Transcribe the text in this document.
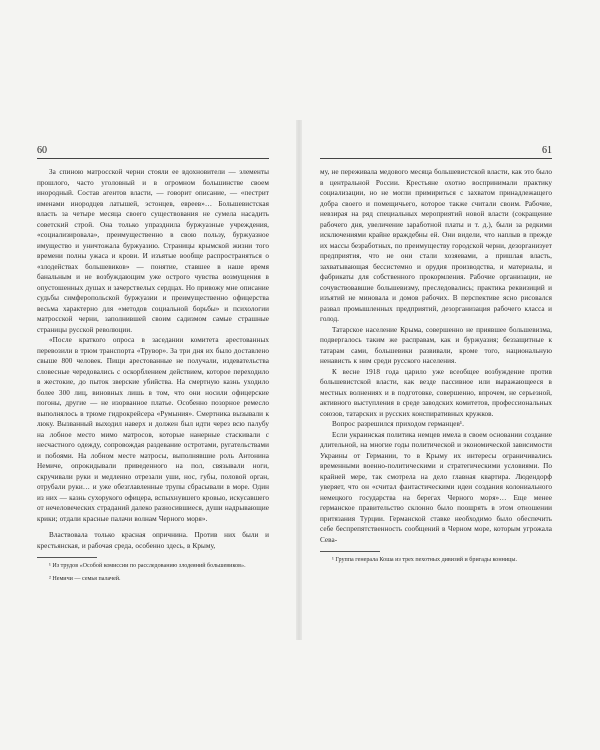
60

За спиною матросской черни стояли ее вдохновители — элементы прошлого, часто уголовный и в огромном большинстве своем инородный. Состав агентов власти, — говорит описание, — «пестрит именами инородцев латышей, эстонцев, евреев»… Большевистская власть за четыре месяца своего существования не сумела насадить советский строй. Она только упразднила буржуазные учреждения, «социализировала», преимущественно в свою пользу, буржуазное имущество и уничтожала буржуазию. Страницы крымской жизни того времени полны ужаса и крови. И изъятые вообще распространяться о «злодействах большевиков» — понятие, ставшее в наше время банальным и не возбуждающим уже острого чувства возмущения в опустошенных душах и зачерствелых сердцах. Но привожу мне описание судьбы симферопольской буржуазии и преимущественно офицерства весьма характерно для «методов социальной борьбы» и психологии матросской черни, заполнившей своим садизмом самые страшные страницы русской революции.

«После краткого опроса в заседании комитета арестованных перевозили в трюм транспорта «Трувор». За три дня их было доставлено свыше 800 человек. Пищи арестованные не получали, издевательства словесные чередовались с оскорблением действием, которое переходило в жестокие, до пыток зверские убийства. На смертную казнь уходило более 300 лиц, виновных лишь в том, что они носили офицерские погоны, другие — не изорванное платье. Особенно позорное ремесло выполнялось в трюме гидрокрейсера «Румыния». Смертника вызывали к люку. Вызванный выходил наверх и должен был идти через всю палубу на лобное место мимо матросов, которые нанерные стаскивали с несчастного одежду, сопровождая раздевание остротами, ругательствами и побоями. На лобном месте матросы, выполнявшие роль Антонина Немиче, опрокидывали приведенного на пол, связывали ноги, скручивали руки и медленно отрезали уши, нос, губы, половой орган, отрубали руки… и уже обезглавленные трупы сбрасывали в море. Один из них — казнь сухорукого офицера, вспыхнувшего кровью, искусавшего от нечеловеческих страданий далеко разносившиеся, души надрывающие крики; отдали красные палачи волнам Черного моря».

Властвовала только красная опричнина. Против них были и крестьянская, и рабочая среда, особенно здесь, в Крыму,

¹ Из трудов «Особой комиссии по расследованию злодеяний большевиков».

² Немичи — семья палачей.

61

му, не переживала медового месяца большевистской власти, как это было в центральной России. Крестьяне охотно воспринимали практику социализации, но не могли примириться с захватом принадлежащего добра своего и помещичьего, которое также считали своим. Рабочие, невзирая на ряд специальных мероприятий новой власти (сокращение рабочего дня, увеличение заработной платы и т. д.), были за редкими исключениями крайне враждебны ей. Они видели, что наплыв в прежде их массы безработных, по преимуществу городской черни, дезорганизует предприятия, что не они стали хозяевами, а пришлая власть, захватывающая бессистемно и орудия производства, и материалы, и фабрикаты для собственного прокормления. Рабочие организации, не сочувствовавшие большевизму, преследовались; практика реквизиций и изъятий не миновала и домов рабочих. В перспективе ясно рисовался развал промышленных предприятий, дезорганизация рабочего класса и голод.

Татарское население Крыма, совершенно не приявшее большевизма, подвергалось таким же расправам, как и буржуазия; беззащитные к татарам сами, большевики развивали, кроме того, национальную ненависть к ним среди русского населения.

К весне 1918 года царило уже всеобщее возбуждение против большевистской власти, как везде пассивное или выражающееся в местных волнениях и в подготовке, совершенно, впрочем, не серьезной, активного выступления в среде заводских комитетов, профессиональных союзов, татарских и русских конспиративных кружков.

Вопрос разрешился приходом германцев¹.

Если украинская политика немцев имела в своем основании создание длительной, на многие годы политической и экономической зависимости Украины от Германии, то в Крыму их интересы ограничивались временными военно-политическими и стратегическими условиями. По крайней мере, так смотрела на дело главная квартира. Людендорф уверяет, что он «считал фантастическими идеи создания колониального немецкого государства на берегах Черного моря»… Еще менее германское правительство склонно было поощрять в этом отношении притязания Турции. Германской ставке необходимо было обеспечить себе беспрепятственность сообщений в Черном море, которым угрожала Сева-

¹ Группа генерала Коша из трех пехотных дивизий и бригады конницы.
